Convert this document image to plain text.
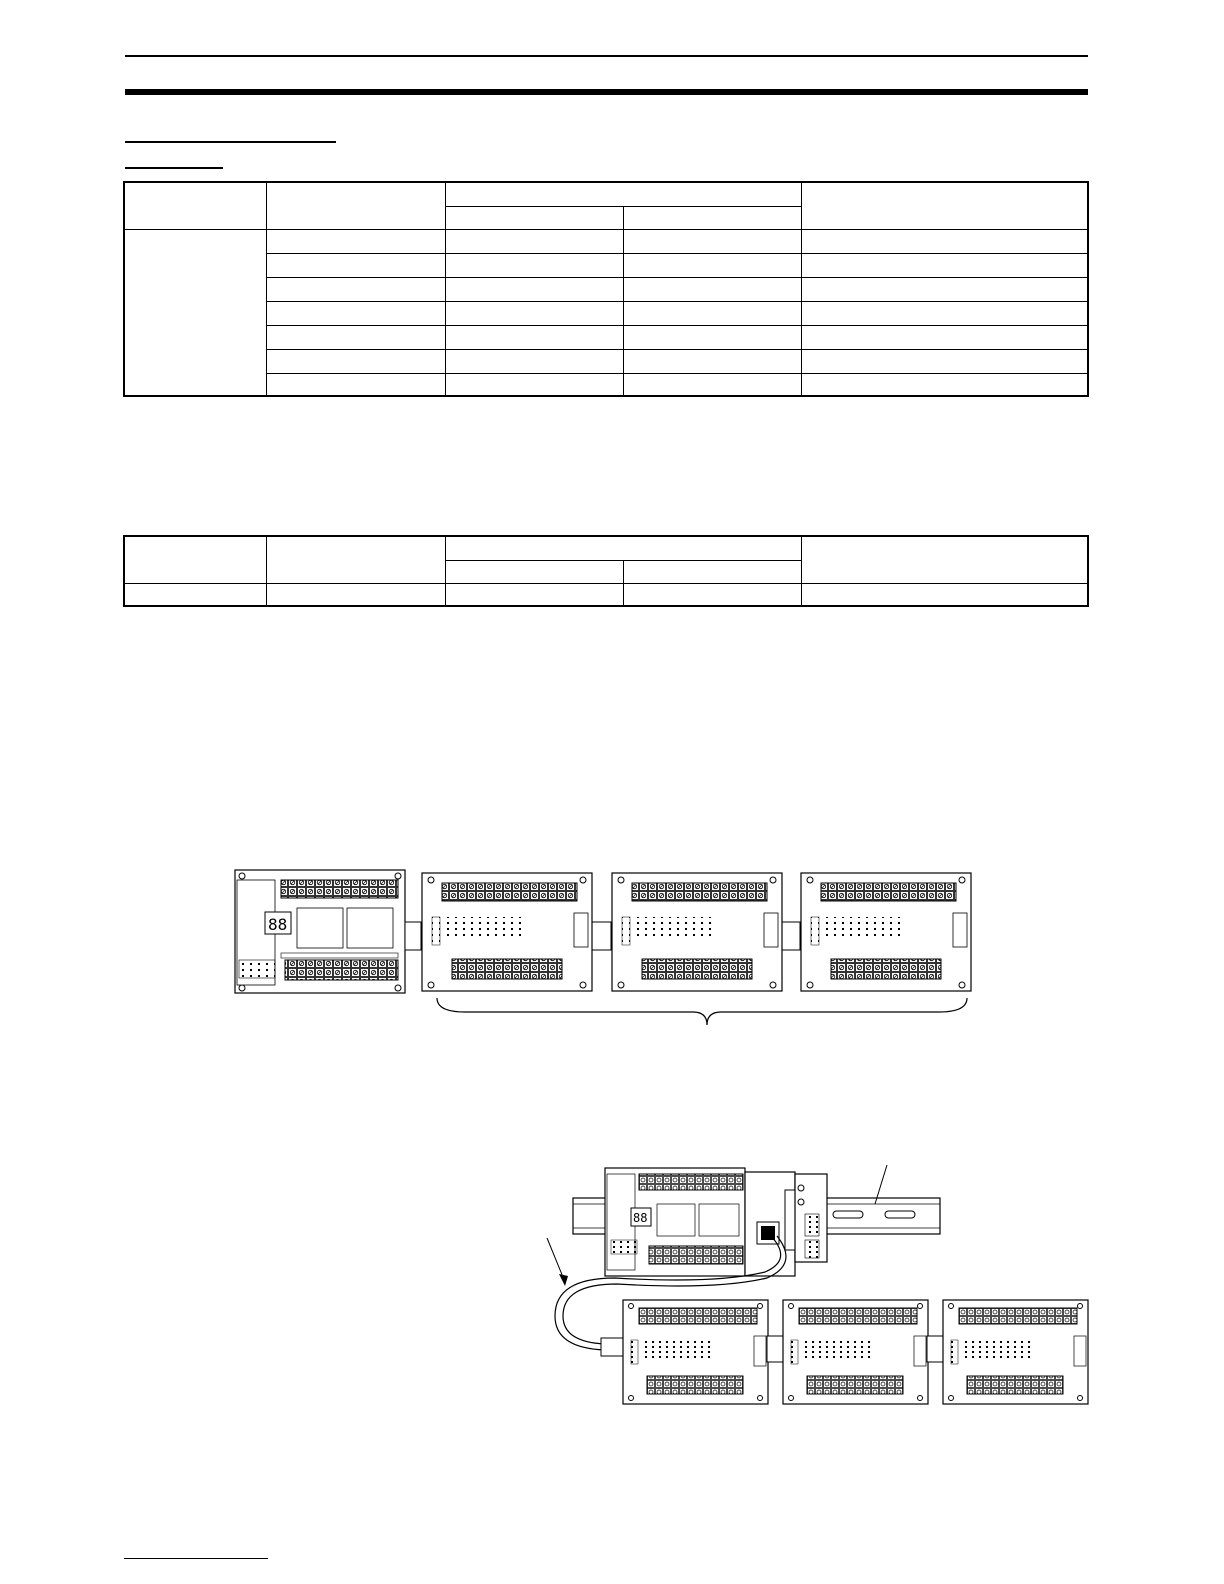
88
88
